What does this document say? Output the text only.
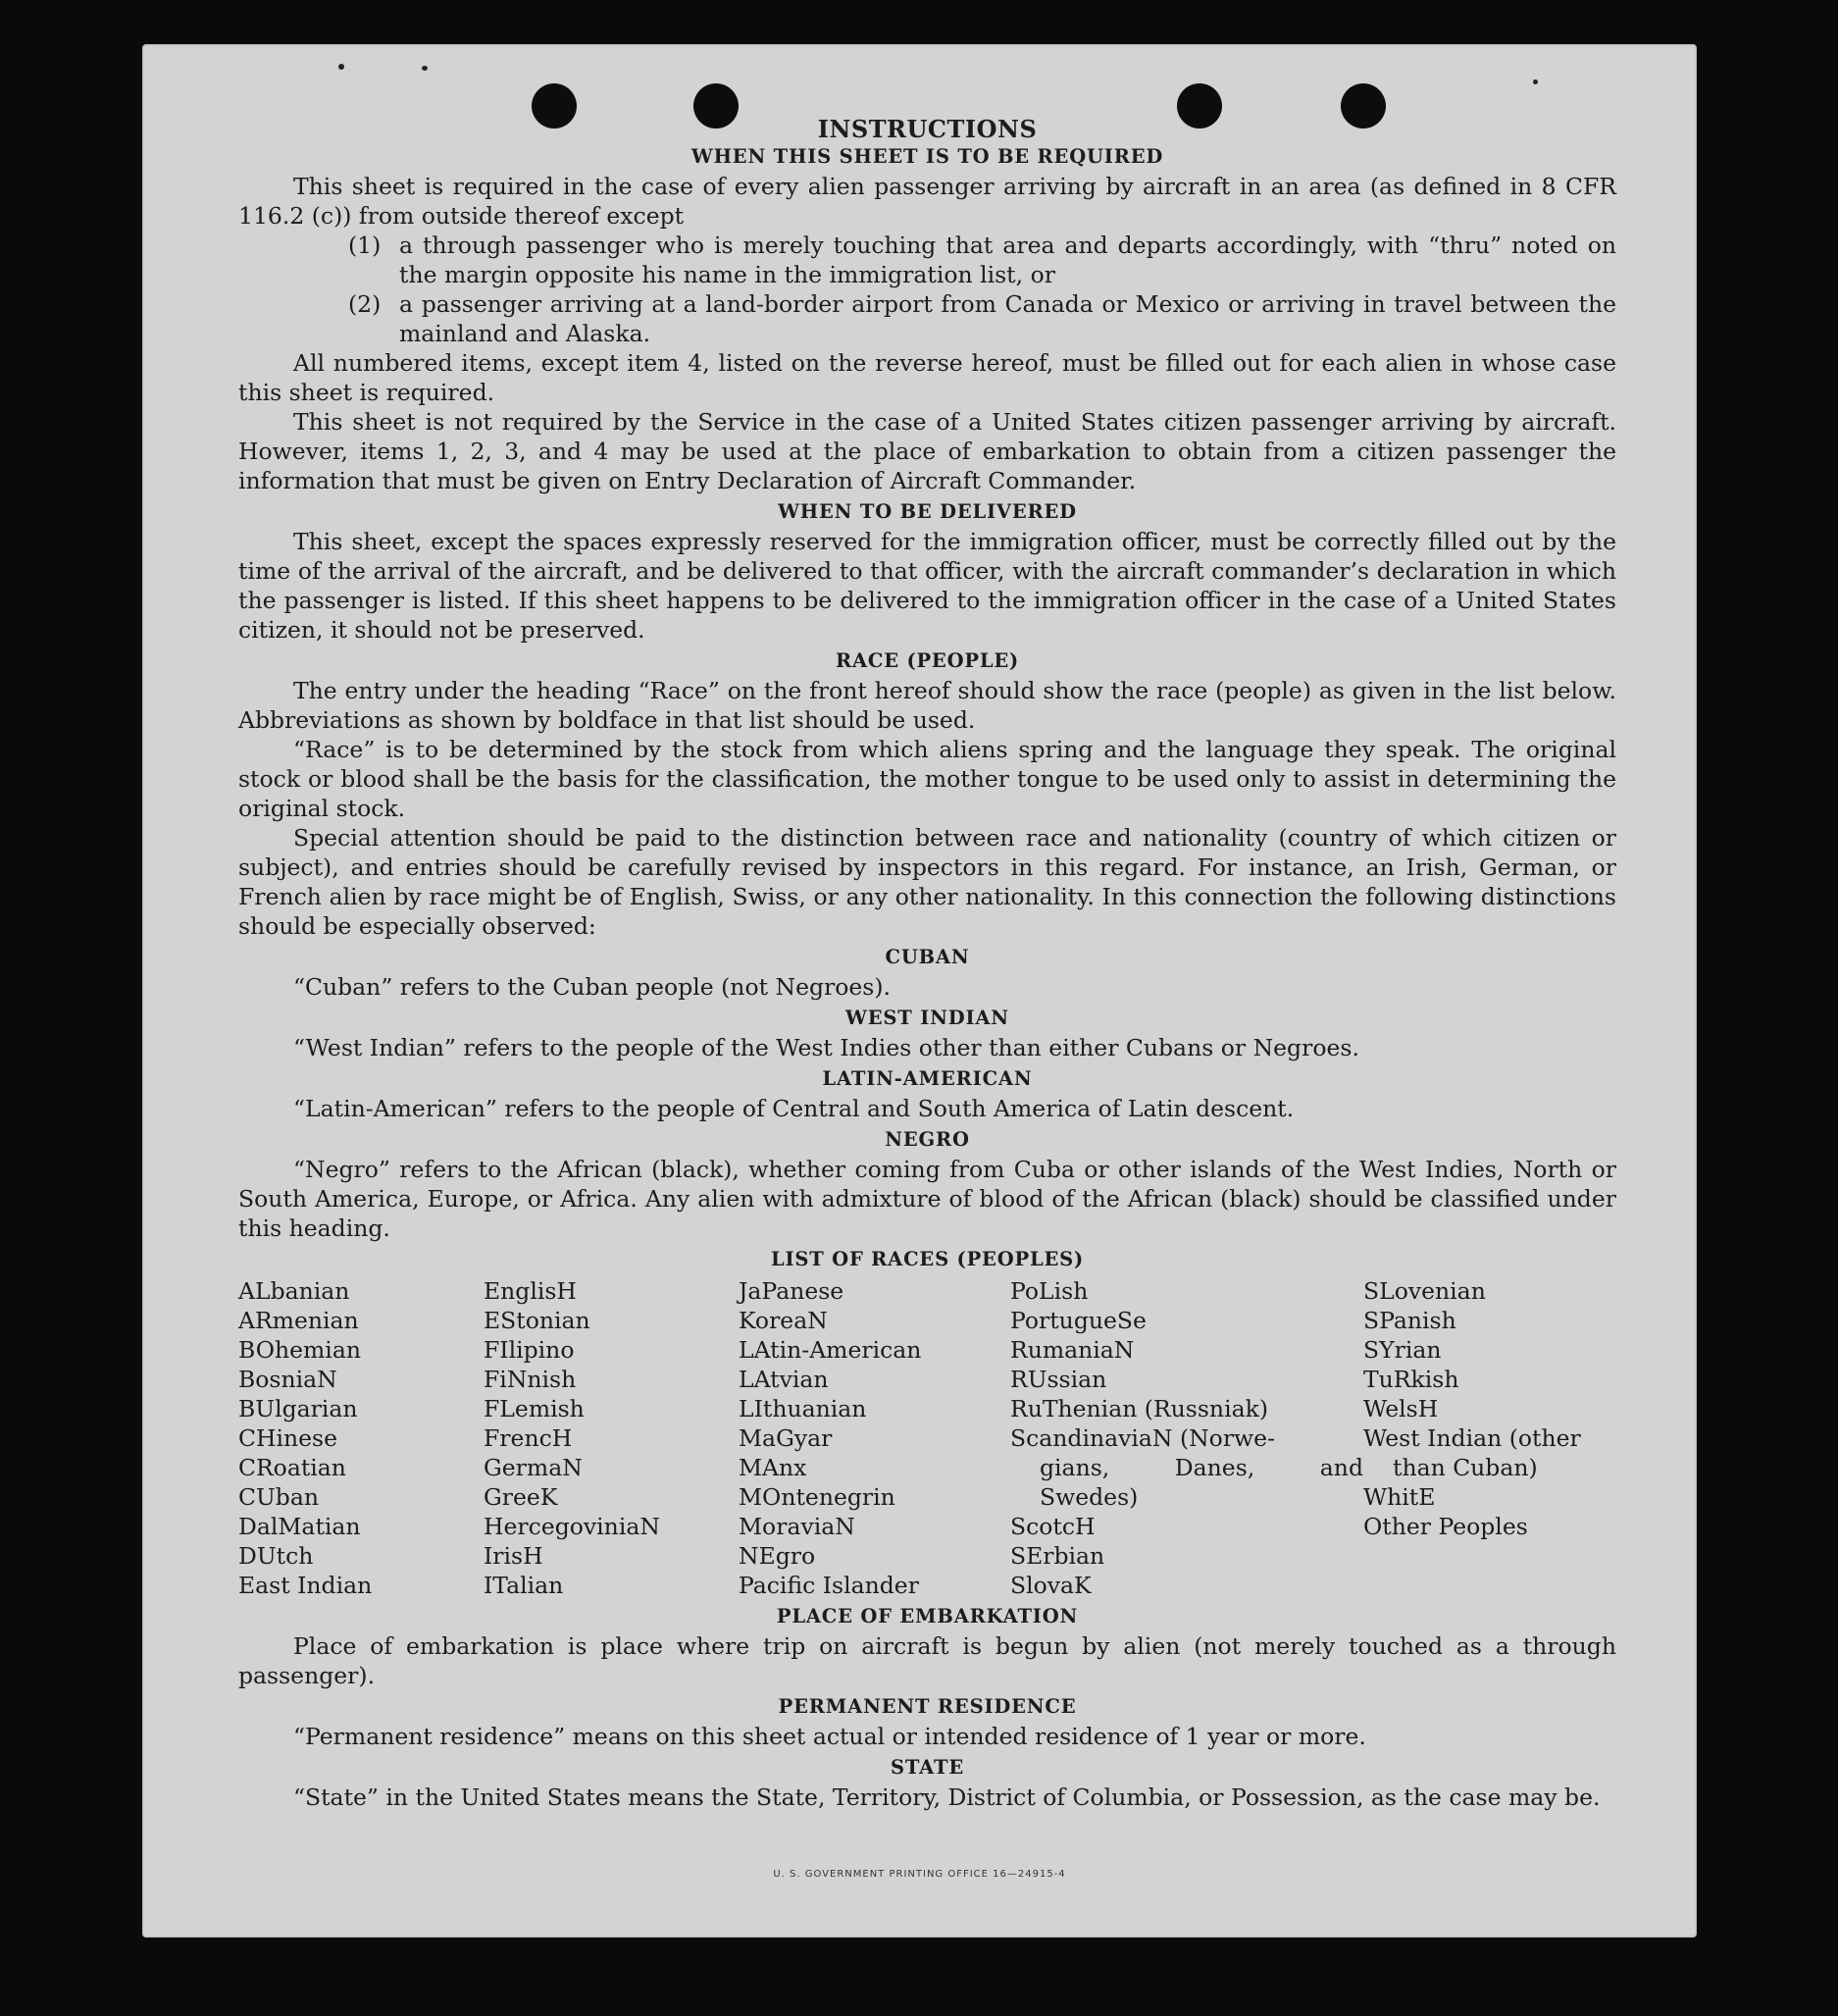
INSTRUCTIONS
WHEN THIS SHEET IS TO BE REQUIRED

This sheet is required in the case of every alien passenger arriving by aircraft in an area (as defined in 8 CFR 116.2 (c)) from outside thereof except

(1) a through passenger who is merely touching that area and departs accordingly, with “thru” noted on the margin opposite his name in the immigration list, or
(2) a passenger arriving at a land-border airport from Canada or Mexico or arriving in travel between the mainland and Alaska.

All numbered items, except item 4, listed on the reverse hereof, must be filled out for each alien in whose case this sheet is required.

This sheet is not required by the Service in the case of a United States citizen passenger arriving by aircraft. However, items 1, 2, 3, and 4 may be used at the place of embarkation to obtain from a citizen passenger the information that must be given on Entry Declaration of Aircraft Commander.

WHEN TO BE DELIVERED

This sheet, except the spaces expressly reserved for the immigration officer, must be correctly filled out by the time of the arrival of the aircraft, and be delivered to that officer, with the aircraft commander’s declaration in which the passenger is listed. If this sheet happens to be delivered to the immigration officer in the case of a United States citizen, it should not be preserved.

RACE (PEOPLE)

The entry under the heading “Race” on the front hereof should show the race (people) as given in the list below. Abbreviations as shown by boldface in that list should be used.

“Race” is to be determined by the stock from which aliens spring and the language they speak. The original stock or blood shall be the basis for the classification, the mother tongue to be used only to assist in determining the original stock.

Special attention should be paid to the distinction between race and nationality (country of which citizen or subject), and entries should be carefully revised by inspectors in this regard. For instance, an Irish, German, or French alien by race might be of English, Swiss, or any other nationality. In this connection the following distinctions should be especially observed:

CUBAN

“Cuban” refers to the Cuban people (not Negroes).

WEST INDIAN

“West Indian” refers to the people of the West Indies other than either Cubans or Negroes.

LATIN-AMERICAN

“Latin-American” refers to the people of Central and South America of Latin descent.

NEGRO

“Negro” refers to the African (black), whether coming from Cuba or other islands of the West Indies, North or South America, Europe, or Africa. Any alien with admixture of blood of the African (black) should be classified under this heading.

LIST OF RACES (PEOPLES)
ALbanian
ARmenian
BOhemian
BosniaN
BUlgarian
CHinese
CRoatian
CUban
DalMatian
DUtch
East Indian
EnglisH
EStonian
FIlipino
FiNnish
FLemish
FrencH
GermaN
GreeK
HercegoviniaN
IrisH
ITalian
JaPanese
KoreaN
LAtin-American
LAtvian
LIthuanian
MaGyar
MAnx
MOntenegrin
MoraviaN
NEgro
Pacific Islander
PoLish
PortugueSe
RumaniaN
RUssian
RuThenian (Russniak)
ScandinaviaN (Norwe-
gians,	Danes,	and
Swedes)
ScotcH
SErbian
SlovaK
SLovenian
SPanish
SYrian
TuRkish
WelsH
West Indian (other
than Cuban)
WhitE
Other Peoples
PLACE OF EMBARKATION

Place of embarkation is place where trip on aircraft is begun by alien (not merely touched as a through passenger).

PERMANENT RESIDENCE

“Permanent residence” means on this sheet actual or intended residence of 1 year or more.

STATE

“State” in the United States means the State, Territory, District of Columbia, or Possession, as the case may be.

U. S. GOVERNMENT PRINTING OFFICE 16—24915-4
